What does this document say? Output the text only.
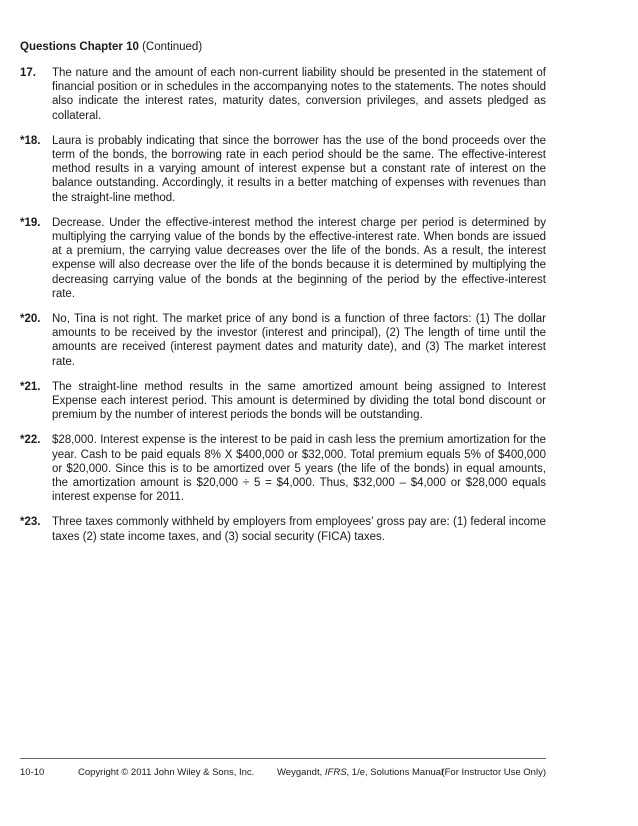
Questions Chapter 10 (Continued)
17.	The nature and the amount of each non-current liability should be presented in the statement of financial position or in schedules in the accompanying notes to the statements. The notes should also indicate the interest rates, maturity dates, conversion privileges, and assets pledged as collateral.
*18.	Laura is probably indicating that since the borrower has the use of the bond proceeds over the term of the bonds, the borrowing rate in each period should be the same. The effective-interest method results in a varying amount of interest expense but a constant rate of interest on the balance outstanding. Accordingly, it results in a better matching of expenses with revenues than the straight-line method.
*19.	Decrease. Under the effective-interest method the interest charge per period is determined by multiplying the carrying value of the bonds by the effective-interest rate. When bonds are issued at a premium, the carrying value decreases over the life of the bonds. As a result, the interest expense will also decrease over the life of the bonds because it is determined by multiplying the decreasing carrying value of the bonds at the beginning of the period by the effective-interest rate.
*20.	No, Tina is not right. The market price of any bond is a function of three factors: (1) The dollar amounts to be received by the investor (interest and principal), (2) The length of time until the amounts are received (interest payment dates and maturity date), and (3) The market interest rate.
*21.	The straight-line method results in the same amortized amount being assigned to Interest Expense each interest period. This amount is determined by dividing the total bond discount or premium by the number of interest periods the bonds will be outstanding.
*22.	$28,000. Interest expense is the interest to be paid in cash less the premium amortization for the year. Cash to be paid equals 8% X $400,000 or $32,000. Total premium equals 5% of $400,000 or $20,000. Since this is to be amortized over 5 years (the life of the bonds) in equal amounts, the amortization amount is $20,000 ÷ 5 = $4,000. Thus, $32,000 – $4,000 or $28,000 equals interest expense for 2011.
*23.	Three taxes commonly withheld by employers from employees’ gross pay are: (1) federal income taxes (2) state income taxes, and (3) social security (FICA) taxes.
10-10	Copyright © 2011 John Wiley & Sons, Inc. Weygandt, IFRS, 1/e, Solutions Manual
(For Instructor Use Only)
